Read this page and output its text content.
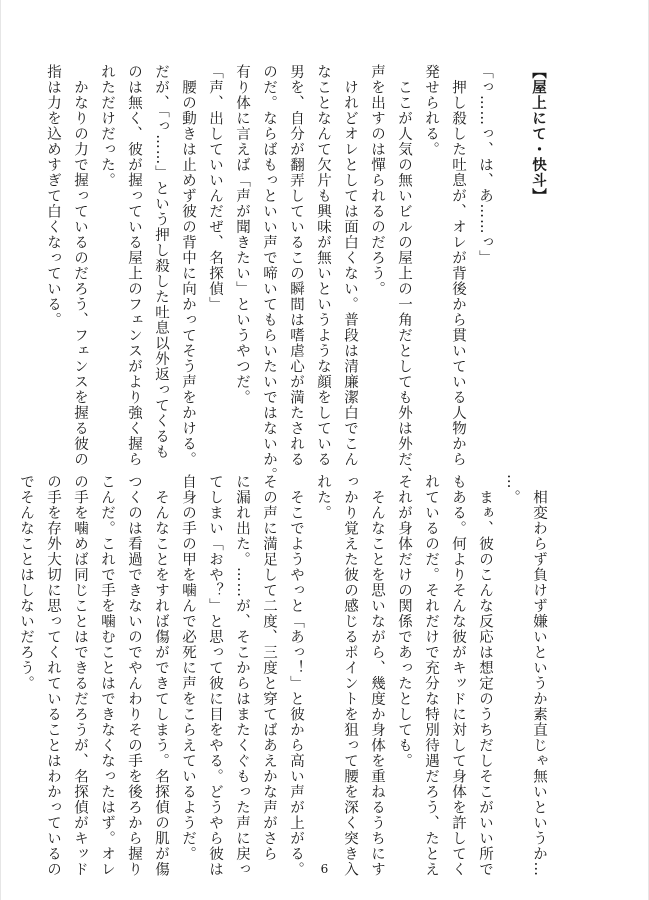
【屋上にて・快斗】

「っ……っ、は、あ……っ」
　押し殺した吐息が、オレが背後から貫いている人物から
発せられる。
　ここが人気の無いビルの屋上の一角だとしても外は外だ、
声を出すのは憚られるのだろう。
　けれどオレとしては面白くない。普段は清廉潔白でこん
なことなんて欠片も興味が無いというような顔をしている
男を、自分が翻弄しているこの瞬間は嗜虐心が満たされる
のだ。ならばもっといい声で啼いてもらいたいではないか。
有り体に言えば「声が聞きたい」というやつだ。
「声、出していいんだぜ、名探偵」
　腰の動きは止めず彼の背中に向かってそう声をかける。
だが、「っ……」という押し殺した吐息以外返ってくるも
のは無く、彼が握っている屋上のフェンスがより強く握ら
れただけだった。
　かなりの力で握っているのだろう、フェンスを握る彼の
指は力を込めすぎて白くなっている。
　相変わらず負けず嫌いというか素直じゃ無いというか…
…。
　まぁ、彼のこんな反応は想定のうちだしそこがいい所で
もある。何よりそんな彼がキッドに対して身体を許してく
れているのだ。それだけで充分な特別待遇だろう、たとえ
それが身体だけの関係であったとしても。
　そんなことを思いながら、幾度か身体を重ねるうちにす
っかり覚えた彼の感じるポイントを狙って腰を深く突き入
れた。
　そこでようやっと「あっ！」と彼から高い声が上がる。
その声に満足して二度、三度と穿てばあえかな声がさら
に漏れ出た。……が、そこからはまたくぐもった声に戻っ
てしまい「おや？」と思って彼に目をやる。どうやら彼は
自身の手の甲を噛んで必死に声をこらえているようだ。
　そんなことをすれば傷ができてしまう。名探偵の肌が傷
つくのは看過できないのでやんわりその手を後ろから握り
こんだ。これで手を噛むことはできなくなったはず。オレ
の手を噛めば同じことはできるだろうが、名探偵がキッド
の手を存外大切に思ってくれていることはわかっているの
でそんなことはしないだろう。
6
